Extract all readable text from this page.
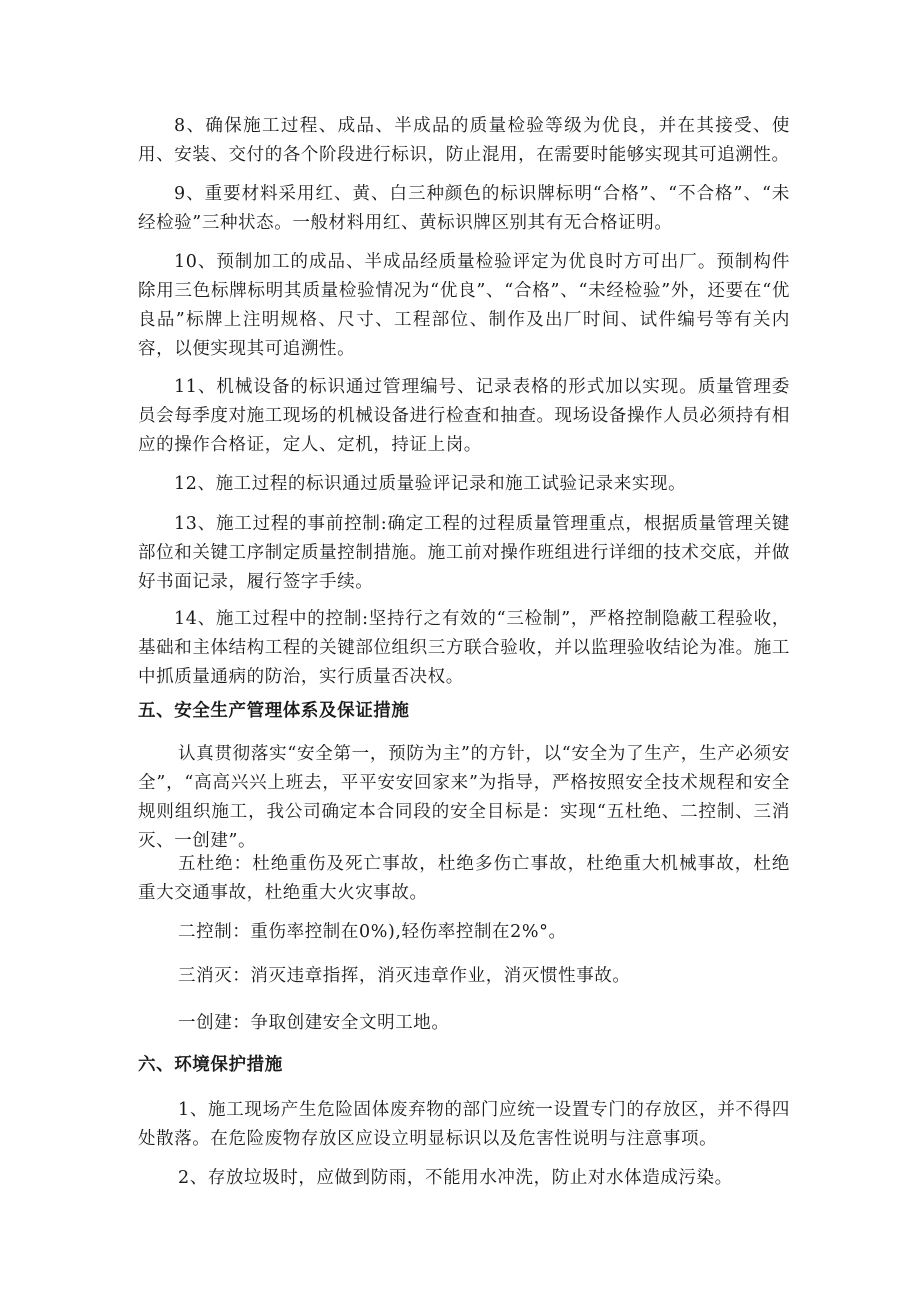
8、确保施工过程、成品、半成品的质量检验等级为优良，并在其接受、使用、安装、交付的各个阶段进行标识，防止混用，在需要时能够实现其可追溯性。

9、重要材料采用红、黄、白三种颜色的标识牌标明“合格”、“不合格”、“未经检验”三种状态。一般材料用红、黄标识牌区别其有无合格证明。

10、预制加工的成品、半成品经质量检验评定为优良时方可出厂。预制构件除用三色标牌标明其质量检验情况为“优良”、“合格”、“未经检验”外，还要在“优良品”标牌上注明规格、尺寸、工程部位、制作及出厂时间、试件编号等有关内容，以便实现其可追溯性。

11、机械设备的标识通过管理编号、记录表格的形式加以实现。质量管理委员会每季度对施工现场的机械设备进行检查和抽查。现场设备操作人员必须持有相应的操作合格证，定人、定机，持证上岗。

12、施工过程的标识通过质量验评记录和施工试验记录来实现。

13、施工过程的事前控制:确定工程的过程质量管理重点，根据质量管理关键部位和关键工序制定质量控制措施。施工前对操作班组进行详细的技术交底，并做好书面记录，履行签字手续。

14、施工过程中的控制:坚持行之有效的“三检制”，严格控制隐蔽工程验收，基础和主体结构工程的关键部位组织三方联合验收，并以监理验收结论为准。施工中抓质量通病的防治，实行质量否决权。

五、安全生产管理体系及保证措施

认真贯彻落实“安全第一，预防为主”的方针，以“安全为了生产，生产必须安全”，“高高兴兴上班去，平平安安回家来”为指导，严格按照安全技术规程和安全规则组织施工，我公司确定本合同段的安全目标是：实现“五杜绝、二控制、三消灭、一创建”。

五杜绝：杜绝重伤及死亡事故，杜绝多伤亡事故，杜绝重大机械事故，杜绝重大交通事故，杜绝重大火灾事故。

二控制：重伤率控制在0%),轻伤率控制在2%°。

三消灭：消灭违章指挥，消灭违章作业，消灭惯性事故。

一创建：争取创建安全文明工地。

六、环境保护措施

1、施工现场产生危险固体废弃物的部门应统一设置专门的存放区，并不得四处散落。在危险废物存放区应设立明显标识以及危害性说明与注意事项。

2、存放垃圾时，应做到防雨，不能用水冲洗，防止对水体造成污染。
